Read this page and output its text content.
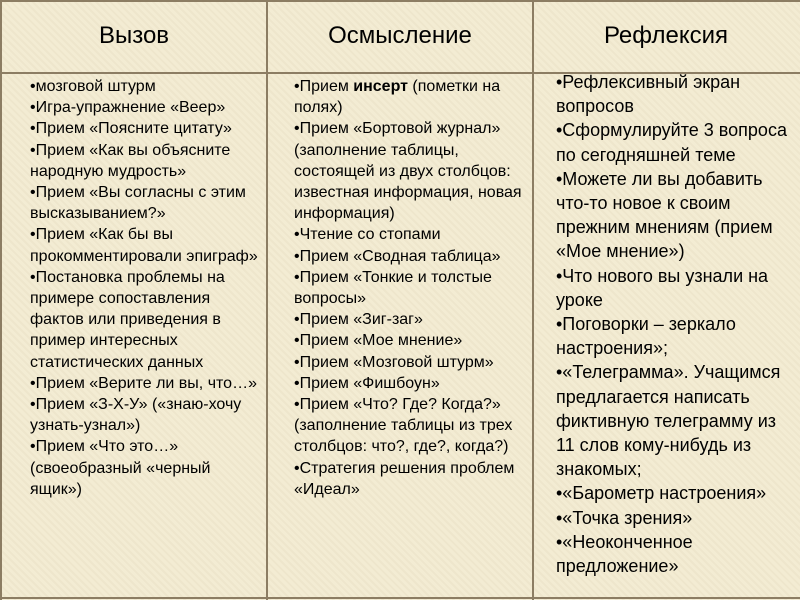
Вызов	Осмысление	Рефлексия
•мозговой штурм
•Игра-упражнение «Веер»
•Прием «Поясните цитату»
•Прием «Как вы объясните народную мудрость»
•Прием «Вы согласны с этим высказыванием?»
•Прием «Как бы вы прокомментировали эпиграф»
•Постановка проблемы на примере сопоставления фактов или приведения в пример интересных статистических данных
•Прием «Верите ли вы, что…»
•Прием «З-Х-У» («знаю-хочу узнать-узнал»)
•Прием «Что это…» (своеобразный «черный ящик»)
•Прием инсерт (пометки на полях)
•Прием «Бортовой журнал» (заполнение таблицы, состоящей из двух столбцов: известная информация, новая информация)
•Чтение со стопами
•Прием «Сводная таблица»
•Прием «Тонкие и толстые вопросы»
•Прием «Зиг-заг»
•Прием «Мое мнение»
•Прием «Мозговой штурм»
•Прием «Фишбоун»
•Прием «Что? Где? Когда?» (заполнение таблицы из трех столбцов: что?, где?, когда?)
•Стратегия решения проблем «Идеал»
•Рефлексивный экран вопросов
•Сформулируйте 3 вопроса по сегодняшней теме
•Можете ли вы добавить что-то новое к своим прежним мнениям (прием «Мое мнение»)
•Что нового вы узнали на уроке
•Поговорки – зеркало настроения»;
•«Телеграмма». Учащимся предлагается написать фиктивную телеграмму из 11 слов кому-нибудь из знакомых;
•«Барометр настроения»
•«Точка зрения»
•«Неоконченное предложение»
